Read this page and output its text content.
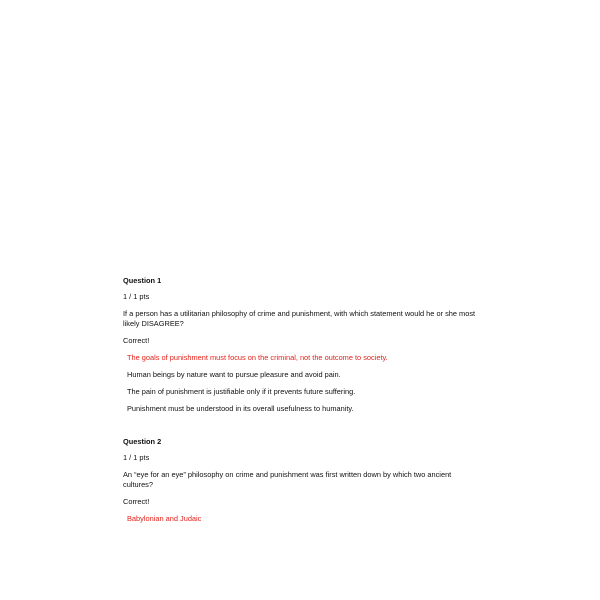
Question 1
1 / 1 pts
If a person has a utilitarian philosophy of crime and punishment, with which statement would he or she most likely DISAGREE?
Correct!
The goals of punishment must focus on the criminal, not the outcome to society.
Human beings by nature want to pursue pleasure and avoid pain.
The pain of punishment is justifiable only if it prevents future suffering.
Punishment must be understood in its overall usefulness to humanity.
Question 2
1 / 1 pts
An “eye for an eye” philosophy on crime and punishment was first written down by which two ancient cultures?
Correct!
Babylonian and Judaic
